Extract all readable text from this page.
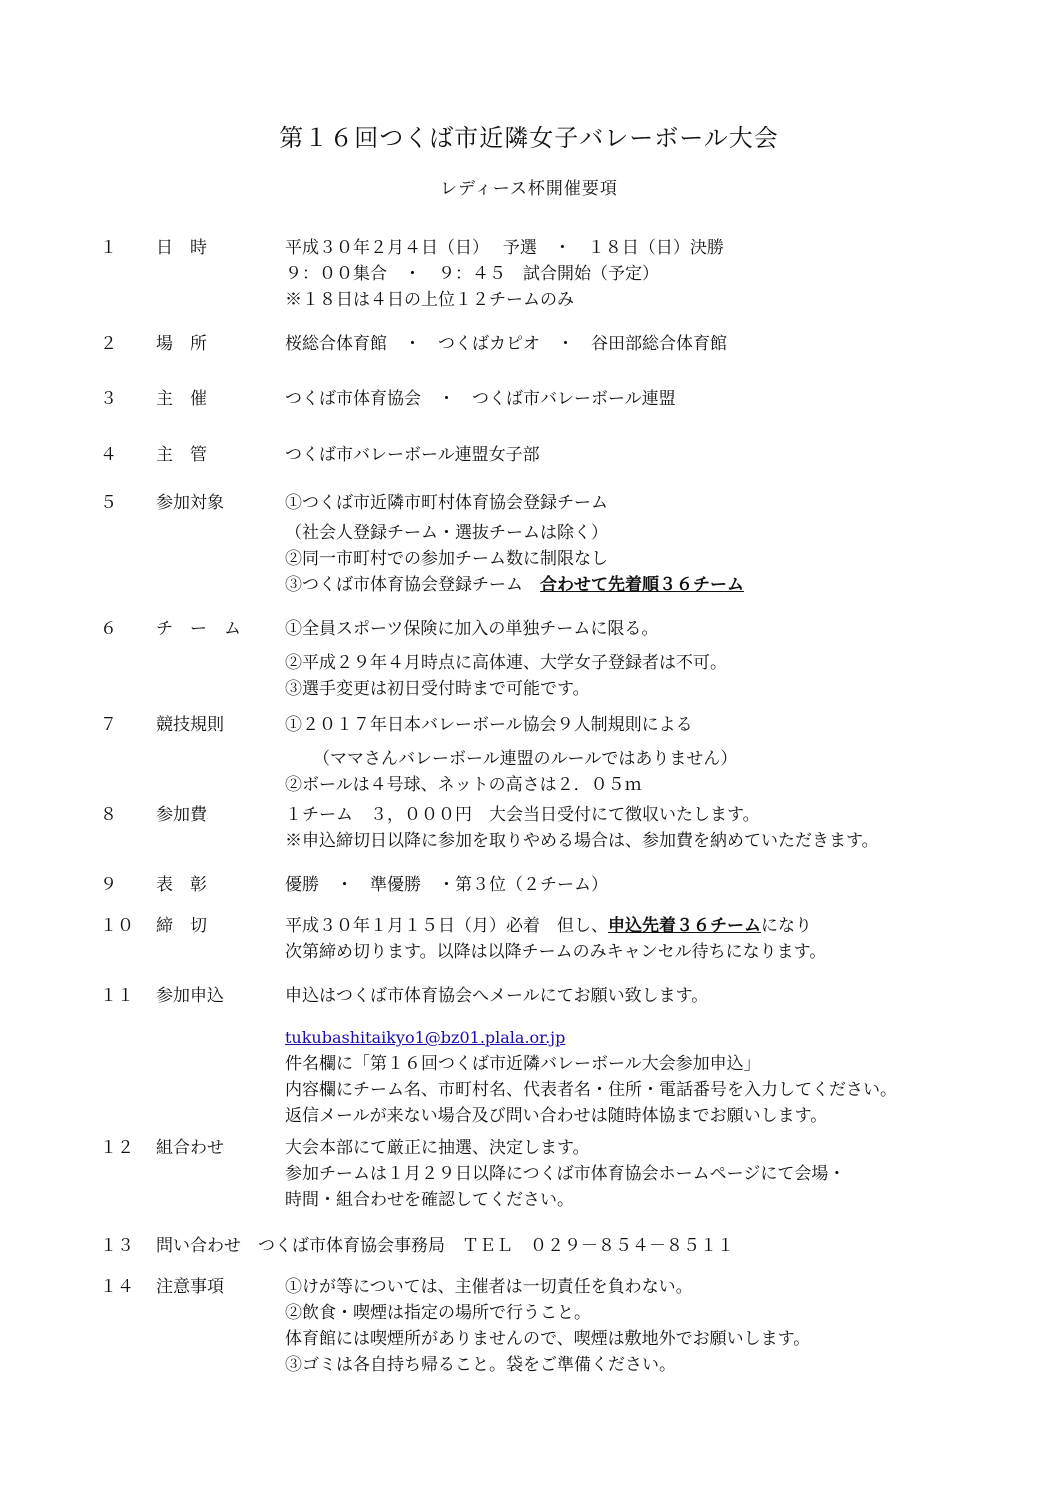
第１６回つくば市近隣女子バレーボール大会
レディース杯開催要項
１	日　時	平成３０年２月４日（日）　 予選　・　１８日（日）決勝
９：００集合　・　９：４５　試合開始（予定）
※１８日は４日の上位１２チームのみ
２	場　所	桜総合体育館　・　つくばカピオ　・　谷田部総合体育館
３	主　催	つくば市体育協会　・　つくば市バレーボール連盟
４	主　管	つくば市バレーボール連盟女子部
５	参加対象	①つくば市近隣市町村体育協会登録チーム
（社会人登録チーム・選抜チームは除く）
②同一市町村での参加チーム数に制限なし
③つくば市体育協会登録チーム　合わせて先着順３６チーム
６	チ　ー　ム	①全員スポーツ保険に加入の単独チームに限る。
②平成２９年４月時点に高体連、大学女子登録者は不可。
③選手変更は初日受付時まで可能です。
７	競技規則	①２０１７年日本バレーボール協会９人制規則による
（ママさんバレーボール連盟のルールではありません）
②ボールは４号球、ネットの高さは２．０５ｍ
８	参加費	１チーム　３，０００円　大会当日受付にて徴収いたします。
※申込締切日以降に参加を取りやめる場合は、参加費を納めていただきます。
９	表　彰	優勝　・　準優勝　・第３位（２チーム）
１０	締　切	平成３０年１月１５日（月）必着　但し、申込先着３６チームになり
次第締め切ります。以降は以降チームのみキャンセル待ちになります。
１１	参加申込	申込はつくば市体育協会へメールにてお願い致します。
tukubashitaikyo1@bz01.plala.or.jp
件名欄に「第１６回つくば市近隣バレーボール大会参加申込」
内容欄にチーム名、市町村名、代表者名・住所・電話番号を入力してください。
返信メールが来ない場合及び問い合わせは随時体協までお願いします。
１２	組合わせ	大会本部にて厳正に抽選、決定します。
参加チームは１月２９日以降につくば市体育協会ホームページにて会場・
時間・組合わせを確認してください。
１３	問い合わせ	つくば市体育協会事務局　ＴＥＬ　０２９－８５４－８５１１
１４	注意事項	①けが等については、主催者は一切責任を負わない。
②飲食・喫煙は指定の場所で行うこと。
体育館には喫煙所がありませんので、喫煙は敷地外でお願いします。
③ゴミは各自持ち帰ること。袋をご準備ください。
